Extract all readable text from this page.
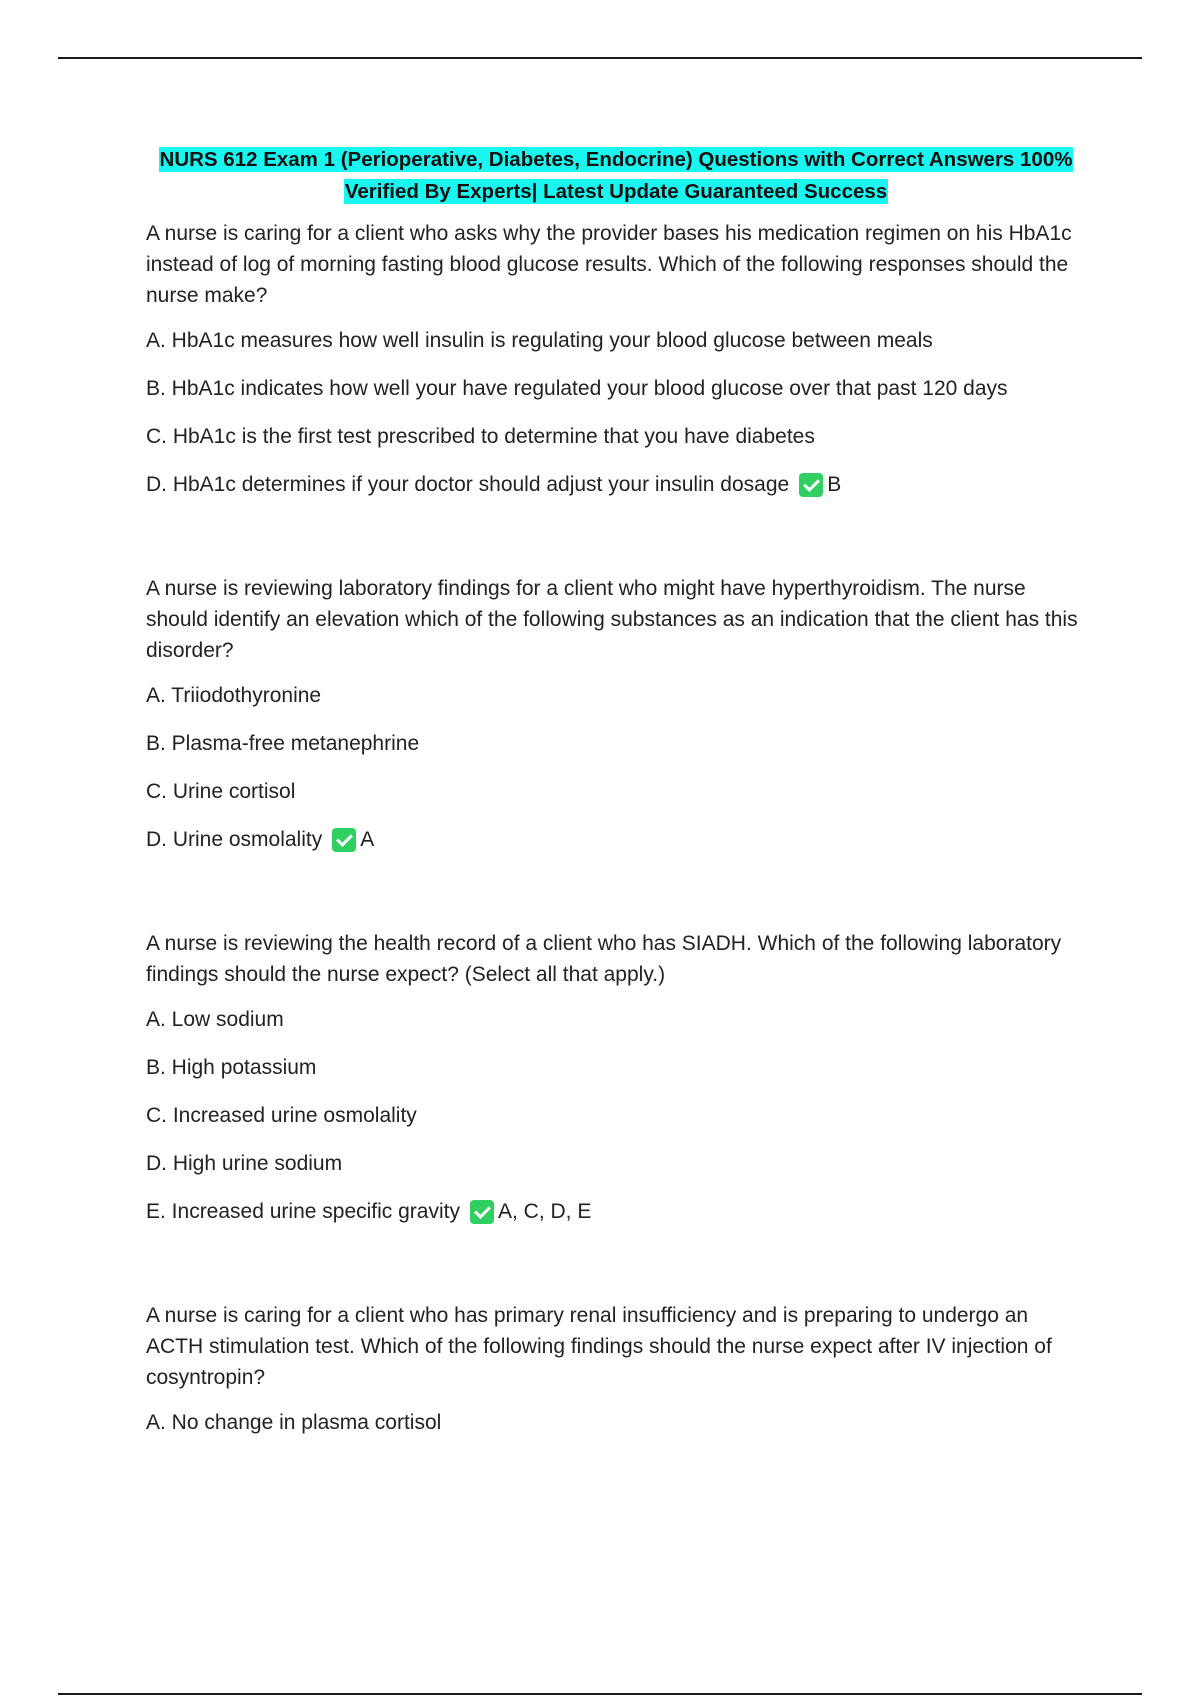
NURS 612 Exam 1 (Perioperative, Diabetes, Endocrine) Questions with Correct Answers 100%
Verified By Experts| Latest Update Guaranteed Success

A nurse is caring for a client who asks why the provider bases his medication regimen on his HbA1c instead of log of morning fasting blood glucose results. Which of the following responses should the nurse make?

A. HbA1c measures how well insulin is regulating your blood glucose between meals
B. HbA1c indicates how well your have regulated your blood glucose over that past 120 days
C. HbA1c is the first test prescribed to determine that you have diabetes
D. HbA1c determines if your doctor should adjust your insulin dosage B

A nurse is reviewing laboratory findings for a client who might have hyperthyroidism. The nurse should identify an elevation which of the following substances as an indication that the client has this disorder?

A. Triiodothyronine
B. Plasma-free metanephrine
C. Urine cortisol
D. Urine osmolality A

A nurse is reviewing the health record of a client who has SIADH. Which of the following laboratory findings should the nurse expect? (Select all that apply.)

A. Low sodium
B. High potassium
C. Increased urine osmolality
D. High urine sodium
E. Increased urine specific gravity A, C, D, E

A nurse is caring for a client who has primary renal insufficiency and is preparing to undergo an ACTH stimulation test. Which of the following findings should the nurse expect after IV injection of cosyntropin?

A. No change in plasma cortisol
